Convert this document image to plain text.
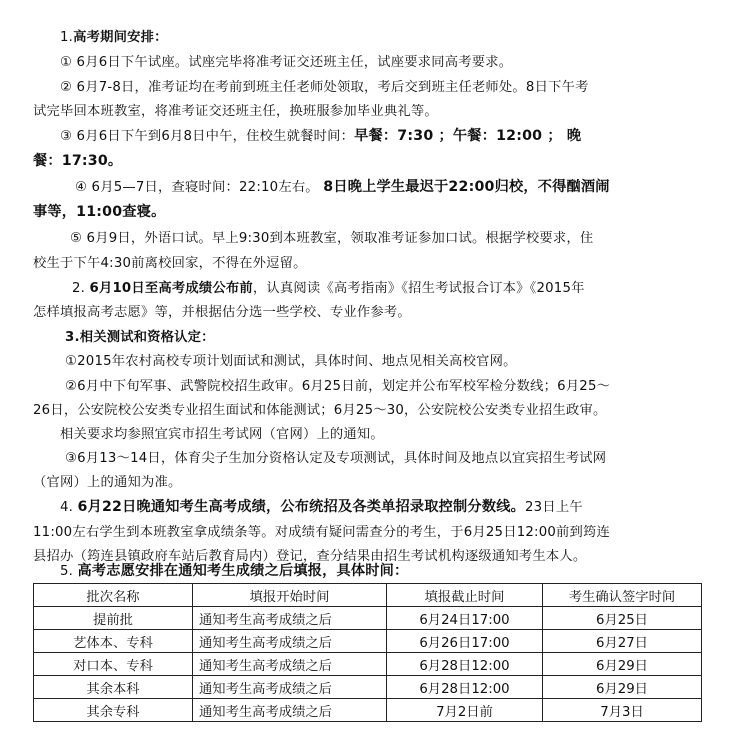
1.高考期间安排：
① 6月6日下午试座。试座完毕将准考证交还班主任，试座要求同高考要求。
② 6月7-8日，准考证均在考前到班主任老师处领取，考后交到班主任老师处。8日下午考
试完毕回本班教室，将准考证交还班主任，换班服参加毕业典礼等。
③ 6月6日下午到6月8日中午，住校生就餐时间：早餐：7:30 ；午餐：12:00 ； 晚
餐：17:30。
④ 6月5—7日，查寝时间：22:10左右。 8日晚上学生最迟于22:00归校，不得酗酒闹
事等，11:00查寝。
⑤ 6月9日，外语口试。早上9:30到本班教室，领取准考证参加口试。根据学校要求，住
校生于下午4:30前离校回家，不得在外逗留。
2. 6月10日至高考成绩公布前，认真阅读《高考指南》《招生考试报合订本》《2015年
怎样填报高考志愿》等，并根据估分选一些学校、专业作参考。
3.相关测试和资格认定：
①2015年农村高校专项计划面试和测试，具体时间、地点见相关高校官网。
②6月中下旬军事、武警院校招生政审。6月25日前，划定并公布军校军检分数线；6月25～
26日，公安院校公安类专业招生面试和体能测试；6月25～30，公安院校公安类专业招生政审。
相关要求均参照宜宾市招生考试网（官网）上的通知。
③6月13～14日，体育尖子生加分资格认定及专项测试，具体时间及地点以宜宾招生考试网
（官网）上的通知为准。
4. 6月22日晚通知考生高考成绩，公布统招及各类单招录取控制分数线。23日上午
11:00左右学生到本班教室拿成绩条等。对成绩有疑问需查分的考生，于6月25日12:00前到筠连
县招办（筠连县镇政府车站后教育局内）登记，查分结果由招生考试机构逐级通知考生本人。
5. 高考志愿安排在通知考生成绩之后填报，具体时间：
批次名称	填报开始时间	填报截止时间	考生确认签字时间
提前批	通知考生高考成绩之后	6月24日17:00	6月25日
艺体本、专科	通知考生高考成绩之后	6月26日17:00	6月27日
对口本、专科	通知考生高考成绩之后	6月28日12:00	6月29日
其余本科	通知考生高考成绩之后	6月28日12:00	6月29日
其余专科	通知考生高考成绩之后	7月2日前	7月3日
